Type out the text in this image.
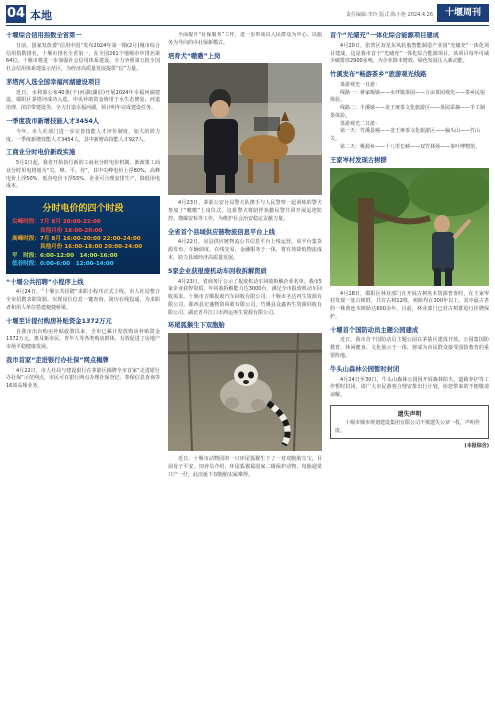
04 本地	责任编辑:李玲 版式:陈小艳 2024.4.26	十堰周刊
十堰综合信用指数全省第一
日前，国家发改委“信用中国”发布2024年第一期(2月)城市综合信用指数排名，十堰市排名全省第一，在全国261个地级市中排名第64位。十堰市将进一步加强社会信用体系建设，全力争创第五批全国社会信用体系建设示范区，为经济高质量发展提供“信”力量。
茅塔河入选全国幸福河湖建设项目
近日，水利部公布40条(个)河湖(湖泊)开展2024年幸福河湖建设，郧阳区茅塔河成功入选。中央补助资金将用于水生态修复、河道治理、滨岸带建设等，全力打造幸福河湖，预计明年完成建设任务。
一季度我市新增技能人才3454人
今年，市人社部门进一步完善技能人才评价制度，加大培训力度。一季度新增技能人才3454人，其中新增高技能人才927人。
工商业分时电价新政实施
5月1日起，我省开始执行新的工商业分时电价机制。新政策工商业分时用电将划为“尖、峰、平、谷”，其中尖峰电价上浮80%，高峰电价上浮50%，低谷电价下浮55%。企业可合理安排生产，降低用电成本。
分时电价的四个时段
尖峰时段：7月 8月 20:00-22:00
　　　　　其他月份 18:00-20:00
高峰时段：7月 8月 16:00-20:00 22:00-24:00
　　　　　其他月份 16:00-18:00 20:00-24:00
平　时段：6:00-12:00　14:00-16:00
低谷时段：0:00-6:00　12:00-14:00
“十堰公共招聘”小程序上线
4月24日，“十堰公共招聘”求职小程序正式上线。市人社局整合全市招聘求职资源，实现岗位信息一键查询、简历在线投递，为求职者和用人单位搭建便捷桥梁。
十堰至计提付购房补贴资金1372万元
自我市出台购房补贴政策以来，全市已累计发放购房补贴资金1372万元，惠及新市民、青年人等各类购房群体，有效促进了房地产市场平稳健康发展。
我市首家“走进银行办社保”网点揭牌
4月22日，市人社局与建设银行在茅箭区揭牌全市首家“走进银行办社保”示范网点，市民可在银行网点办理社保登记、参保信息查询等16项高频业务。
全面提升“社保服务”工作，进一步形成以人民群众为中心、以服务为导向的办社保新模式。
培育犬“嗷嗷”上岗
4月23日，茅箭公安分局警犬队携手与人民警察一起训练的警犬参加了“嗷嗷”上岗仪式。这批警犬将陪伴执勤民警共同开展巡逻防控、搜爆安检等工作，为维护社会治安稳定贡献力量。
全省首个县域供应链物流信息平台上线
4月22日，房县供应链物流公共信息平台上线运营。该平台集货源发布、车辆调度、在线交易、金融服务于一体，将有效降低物流成本，助力县域经济高质量发展。
5家企业获报废机动车回收拆解资质
4月23日，省商务厅公示了报废机动车回收拆解企业名单，我市5家企业获得资质，年回收拆解能力达3000台，满足全市报废机动车回收需求。十堰市吉顺报废汽车回收有限公司、十堰市圣达再生资源有限公司、郧西县宏盛物资回收有限公司、竹溪县众鑫再生资源回收有限公司、湖北省丹江口市鸿运再生资源有限公司。
环尾狐猴生下双胞胎
近日，十堰市动物园的一只环尾狐猴生下了一对双胞胎宝宝，目前母子平安。饲养员介绍，环尾狐猴属国家二级保护动物，每胎通常只产一仔，此次诞下双胞胎实属难得。
首个“光储充”一体化综合能源项目建成
4月20日，张湾区双星东风轮胎智能制造产业园“光储充”一体化项目建成，这是我市首个“光储充”一体化综合能源项目。该项目每年可减少碳排放2900多吨，为企业降本增效、绿色发展注入新动能。
竹溪发布“畅游茶乡”旅游观光线路
茶游观光一日游：
线路一：蒋家堰镇——水坪镇茶园——万亩茶园观光——茶乡民宿体验。
线路二：丰溪镇——龙王垭茶文化旅游区——茶园采摘——手工制茶体验。
茶游观光二日游：
第一天：竹溪县城——龙王垭茶文化旅游区——偏头山——竹山关。
第二天：桃源乡——十八里长峡——双竹林场——茶叶博物馆。
王家岑村发现古树群
4月18日，郧阳区林业部门在开展古树名木资源普查时，在王家岑村发现一处古树群，共有古树12株，树龄均在300年以上，其中最古老的一株黄连木树龄达600余年。目前，林业部门已对古树群进行挂牌保护。
十堰首个国防动员主题公园建成
近日，我市首个国防动员主题公园在茅箭区建成开放。公园集国防教育、休闲健身、文化展示于一体，将成为市民群众接受国防教育的重要阵地。
牛头山森林公园暂时封闭
4月24日至30日，牛头山森林公园因开展森林防火、道路养护等工作暂时封闭，请广大市民游客合理安排出行计划，给您带来的不便敬请谅解。
遗失声明
十堰市城市规划建设集团有限公司不慎遗失公章一枚，声明作废。
(本报综合)
